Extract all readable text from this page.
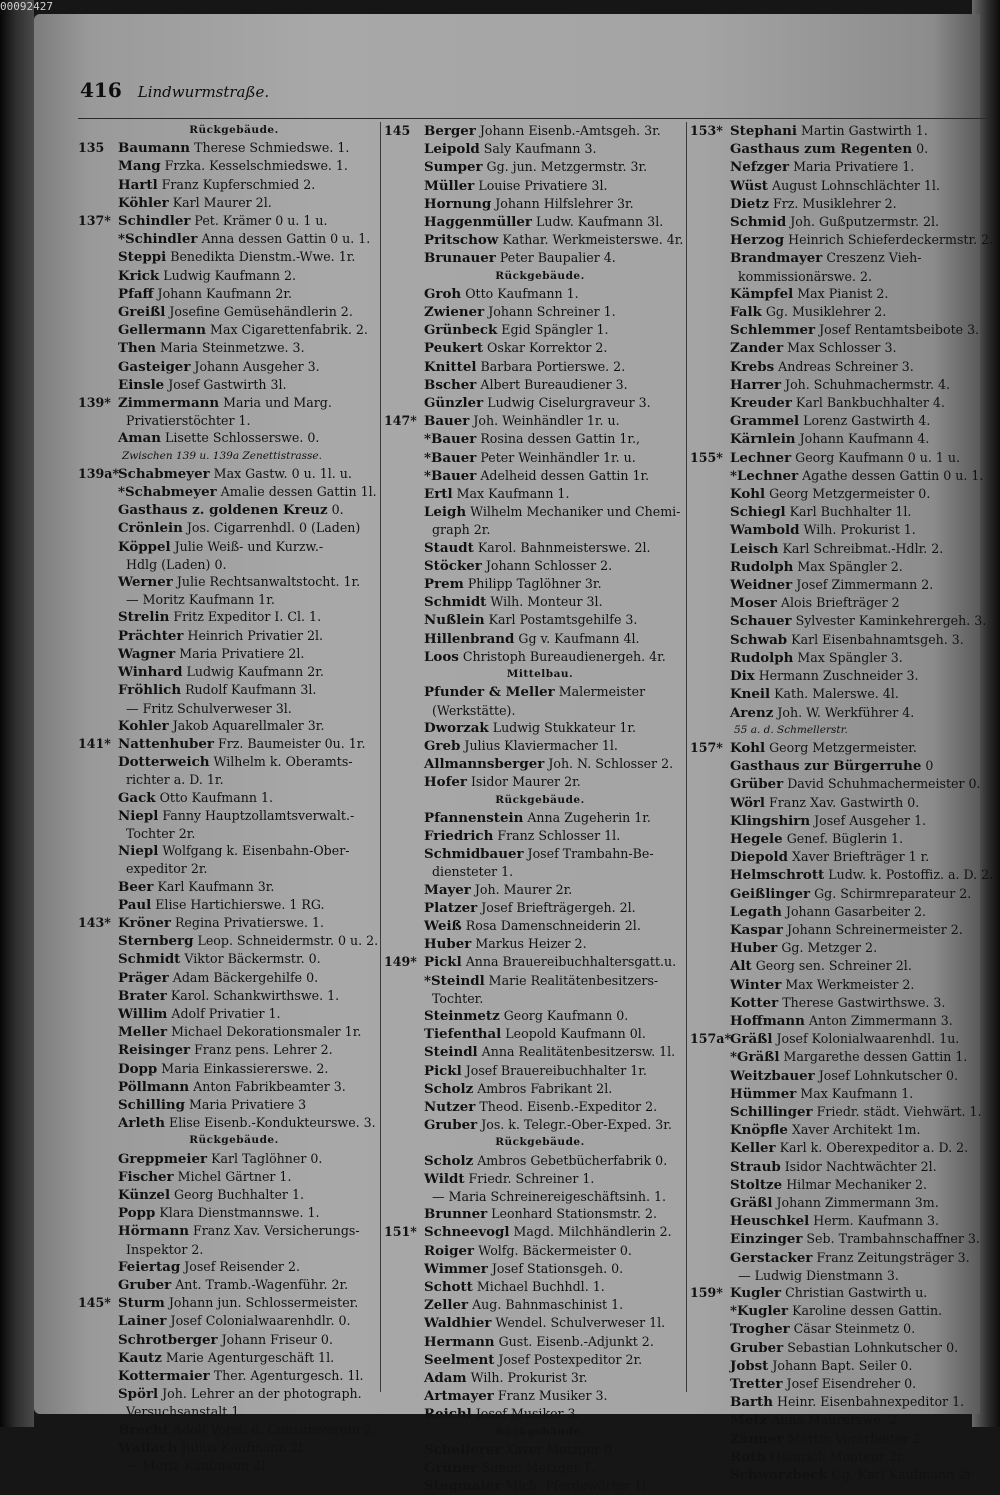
00092427
416 Lindwurmstraße.
Rückgebäude.
135 Baumann Therese Schmiedswe. 1.
Mang Frzka. Kesselschmiedswe. 1.
Hartl Franz Kupferschmied 2.
Köhler Karl Maurer 2l.
137* Schindler Pet. Krämer 0 u. 1 u.
*Schindler Anna dessen Gattin 0 u. 1.
Steppi Benedikta Dienstm.-Wwe. 1r.
Krick Ludwig Kaufmann 2.
Pfaff Johann Kaufmann 2r.
Greißl Josefine Gemüsehändlerin 2.
Gellermann Max Cigarettenfabrik. 2.
Then Maria Steinmetzwe. 3.
Gasteiger Johann Ausgeher 3.
Einsle Josef Gastwirth 3l.
139* Zimmermann Maria und Marg.
Privatierstöchter 1.
Aman Lisette Schlosserswe. 0.
Zwischen 139 u. 139a Zenettistrasse.
139a*Schabmeyer Max Gastw. 0 u. 1l. u.
*Schabmeyer Amalie dessen Gattin 1l.
Gasthaus z. goldenen Kreuz 0.
Crönlein Jos. Cigarrenhdl. 0 (Laden)
Köppel Julie Weiß- und Kurzw.-
Hdlg (Laden) 0.
Werner Julie Rechtsanwaltstocht. 1r.
— Moritz Kaufmann 1r.
Strelin Fritz Expeditor I. Cl. 1.
Prächter Heinrich Privatier 2l.
Wagner Maria Privatiere 2l.
Winhard Ludwig Kaufmann 2r.
Fröhlich Rudolf Kaufmann 3l.
— Fritz Schulverweser 3l.
Kohler Jakob Aquarellmaler 3r.
141* Nattenhuber Frz. Baumeister 0u. 1r.
Dotterweich Wilhelm k. Oberamts-
richter a. D. 1r.
Gack Otto Kaufmann 1.
Niepl Fanny Hauptzollamtsverwalt.-
Tochter 2r.
Niepl Wolfgang k. Eisenbahn-Ober-
expeditor 2r.
Beer Karl Kaufmann 3r.
Paul Elise Hartichierswe. 1 RG.
143* Kröner Regina Privatierswe. 1.
Sternberg Leop. Schneidermstr. 0 u. 2.
Schmidt Viktor Bäckermstr. 0.
Präger Adam Bäckergehilfe 0.
Brater Karol. Schankwirthswe. 1.
Willim Adolf Privatier 1.
Meller Michael Dekorationsmaler 1r.
Reisinger Franz pens. Lehrer 2.
Dopp Maria Einkassiererswe. 2.
Pöllmann Anton Fabrikbeamter 3.
Schilling Maria Privatiere 3
Arleth Elise Eisenb.-Kondukteurswe. 3.
Rückgebäude.
Greppmeier Karl Taglöhner 0.
Fischer Michel Gärtner 1.
Künzel Georg Buchhalter 1.
Popp Klara Dienstmannswe. 1.
Hörmann Franz Xav. Versicherungs-
Inspektor 2.
Feiertag Josef Reisender 2.
Gruber Ant. Tramb.-Wagenführ. 2r.
145* Sturm Johann jun. Schlossermeister.
Lainer Josef Colonialwaarenhdlr. 0.
Schrotberger Johann Friseur 0.
Kautz Marie Agenturgeschäft 1l.
Kottermaier Ther. Agenturgesch. 1l.
Spörl Joh. Lehrer an der photograph.
Versuchsanstalt 1.
Brecht Adolf Vorst. d. Consumverein 2.
Wallach Julius Kaufmann 2l.
— Moriz Kaufmann 2l.
145 Berger Johann Eisenb.-Amtsgeh. 3r.
Leipold Saly Kaufmann 3.
Sumper Gg. jun. Metzgermstr. 3r.
Müller Louise Privatiere 3l.
Hornung Johann Hilfslehrer 3r.
Haggenmüller Ludw. Kaufmann 3l.
Pritschow Kathar. Werkmeisterswe. 4r.
Brunauer Peter Baupalier 4.
Rückgebäude.
Groh Otto Kaufmann 1.
Zwiener Johann Schreiner 1.
Grünbeck Egid Spängler 1.
Peukert Oskar Korrektor 2.
Knittel Barbara Portierswe. 2.
Bscher Albert Bureaudiener 3.
Günzler Ludwig Ciselurgraveur 3.
147* Bauer Joh. Weinhändler 1r. u.
*Bauer Rosina dessen Gattin 1r.,
*Bauer Peter Weinhändler 1r. u.
*Bauer Adelheid dessen Gattin 1r.
Ertl Max Kaufmann 1.
Leigh Wilhelm Mechaniker und Chemi-
graph 2r.
Staudt Karol. Bahnmeisterswe. 2l.
Stöcker Johann Schlosser 2.
Prem Philipp Taglöhner 3r.
Schmidt Wilh. Monteur 3l.
Nußlein Karl Postamtsgehilfe 3.
Hillenbrand Gg v. Kaufmann 4l.
Loos Christoph Bureaudienergeh. 4r.
Mittelbau.
Pfunder & Meller Malermeister
(Werkstätte).
Dworzak Ludwig Stukkateur 1r.
Greb Julius Klaviermacher 1l.
Allmannsberger Joh. N. Schlosser 2.
Hofer Isidor Maurer 2r.
Rückgebäude.
Pfannenstein Anna Zugeherin 1r.
Friedrich Franz Schlosser 1l.
Schmidbauer Josef Trambahn-Be-
diensteter 1.
Mayer Joh. Maurer 2r.
Platzer Josef Briefträgergeh. 2l.
Weiß Rosa Damenschneiderin 2l.
Huber Markus Heizer 2.
149* Pickl Anna Brauereibuchhaltersgatt.u.
*Steindl Marie Realitätenbesitzers-
Tochter.
Steinmetz Georg Kaufmann 0.
Tiefenthal Leopold Kaufmann 0l.
Steindl Anna Realitätenbesitzersw. 1l.
Pickl Josef Brauereibuchhalter 1r.
Scholz Ambros Fabrikant 2l.
Nutzer Theod. Eisenb.-Expeditor 2.
Gruber Jos. k. Telegr.-Ober-Exped. 3r.
Rückgebäude.
Scholz Ambros Gebetbücherfabrik 0.
Wildt Friedr. Schreiner 1.
— Maria Schreinereigeschäftsinh. 1.
Brunner Leonhard Stationsmstr. 2.
151* Schneevogl Magd. Milchhändlerin 2.
Roiger Wolfg. Bäckermeister 0.
Wimmer Josef Stationsgeh. 0.
Schott Michael Buchhdl. 1.
Zeller Aug. Bahnmaschinist 1.
Waldhier Wendel. Schulverweser 1l.
Hermann Gust. Eisenb.-Adjunkt 2.
Seelment Josef Postexpeditor 2r.
Adam Wilh. Prokurist 3r.
Artmayer Franz Musiker 3.
Reichl Josef Musiker 3.
Rückgebäude.
Schellerer Xaver Metzger 0
Grüner Simon Metzger 1.
Stegmaier Mich. Pferdewärter 1l.
153* Stephani Martin Gastwirth 1.
Gasthaus zum Regenten 0.
Nefzger Maria Privatiere 1.
Wüst August Lohnschlächter 1l.
Dietz Frz. Musiklehrer 2.
Schmid Joh. Gußputzermstr. 2l.
Herzog Heinrich Schieferdeckermstr. 2.
Brandmayer Creszenz Vieh-
kommissionärswe. 2.
Kämpfel Max Pianist 2.
Falk Gg. Musiklehrer 2.
Schlemmer Josef Rentamtsbeibote 3.
Zander Max Schlosser 3.
Krebs Andreas Schreiner 3.
Harrer Joh. Schuhmachermstr. 4.
Kreuder Karl Bankbuchhalter 4.
Grammel Lorenz Gastwirth 4.
Kärnlein Johann Kaufmann 4.
155* Lechner Georg Kaufmann 0 u. 1 u.
*Lechner Agathe dessen Gattin 0 u. 1.
Kohl Georg Metzgermeister 0.
Schiegl Karl Buchhalter 1l.
Wambold Wilh. Prokurist 1.
Leisch Karl Schreibmat.-Hdlr. 2.
Rudolph Max Spängler 2.
Weidner Josef Zimmermann 2.
Moser Alois Briefträger 2
Schauer Sylvester Kaminkehrergeh. 3.
Schwab Karl Eisenbahnamtsgeh. 3.
Rudolph Max Spängler 3.
Dix Hermann Zuschneider 3.
Kneil Kath. Malerswe. 4l.
Arenz Joh. W. Werkführer 4.
55 a. d. Schmellerstr.
157* Kohl Georg Metzgermeister.
Gasthaus zur Bürgerruhe 0
Grüber David Schuhmachermeister 0.
Wörl Franz Xav. Gastwirth 0.
Klingshirn Josef Ausgeher 1.
Hegele Genef. Büglerin 1.
Diepold Xaver Briefträger 1 r.
Helmschrott Ludw. k. Postoffiz. a. D. 2.
Geißlinger Gg. Schirmreparateur 2.
Legath Johann Gasarbeiter 2.
Kaspar Johann Schreinermeister 2.
Huber Gg. Metzger 2.
Alt Georg sen. Schreiner 2l.
Winter Max Werkmeister 2.
Kotter Therese Gastwirthswe. 3.
Hoffmann Anton Zimmermann 3.
157a*Gräßl Josef Kolonialwaarenhdl. 1u.
*Gräßl Margarethe dessen Gattin 1.
Weitzbauer Josef Lohnkutscher 0.
Hümmer Max Kaufmann 1.
Schillinger Friedr. städt. Viehwärt. 1.
Knöpfle Xaver Architekt 1m.
Keller Karl k. Oberexpeditor a. D. 2.
Straub Isidor Nachtwächter 2l.
Stoltze Hilmar Mechaniker 2.
Gräßl Johann Zimmermann 3m.
Heuschkel Herm. Kaufmann 3.
Einzinger Seb. Trambahnschaffner 3.
Gerstacker Franz Zeitungsträger 3.
— Ludwig Dienstmann 3.
159* Kugler Christian Gastwirth u.
*Kugler Karoline dessen Gattin.
Trogher Cäsar Steinmetz 0.
Gruber Sebastian Lohnkutscher 0.
Jobst Johann Bapt. Seiler 0.
Tretter Josef Eisendreher 0.
Barth Heinr. Eisenbahnexpeditor 1.
Metz Anna Maurerswe. 2.
Zänner Martin Vorarbeiter 2.
Roth Heinrich Monteur 2r.
Schwarzbeck Gg. Karl Kaufmann 2r
